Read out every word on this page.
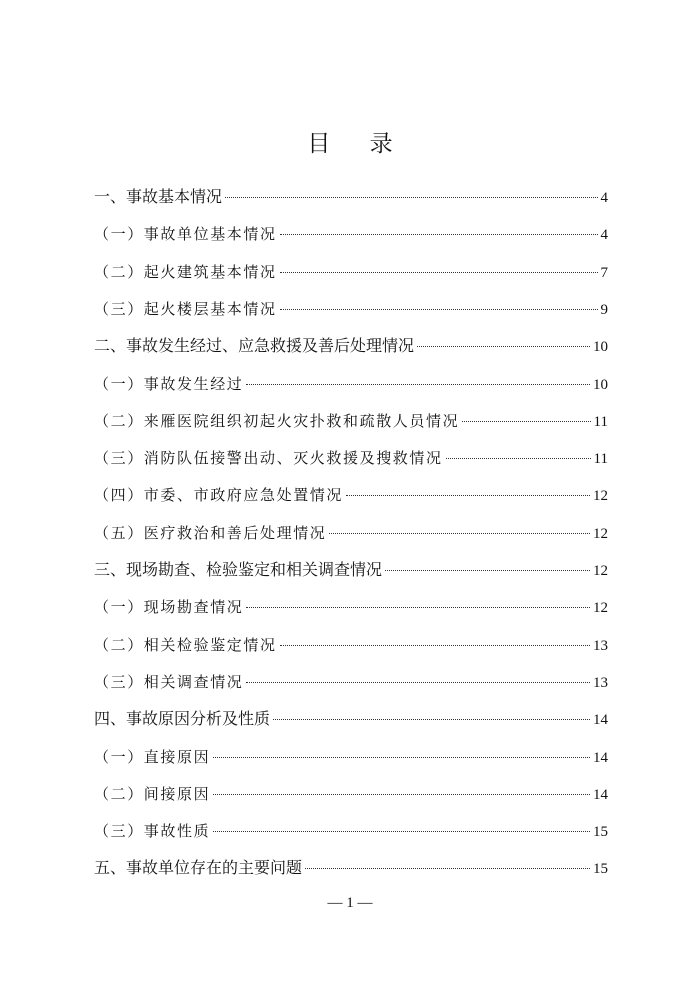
目 录
一、事故基本情况	4
（一）事故单位基本情况	4
（二）起火建筑基本情况	7
（三）起火楼层基本情况	9
二、事故发生经过、应急救援及善后处理情况	10
（一）事故发生经过	10
（二）来雁医院组织初起火灾扑救和疏散人员情况	11
（三）消防队伍接警出动、灭火救援及搜救情况	11
（四）市委、市政府应急处置情况	12
（五）医疗救治和善后处理情况	12
三、现场勘查、检验鉴定和相关调查情况	12
（一）现场勘查情况	12
（二）相关检验鉴定情况	13
（三）相关调查情况	13
四、事故原因分析及性质	14
（一）直接原因	14
（二）间接原因	14
（三）事故性质	15
五、事故单位存在的主要问题	15
— 1 —
